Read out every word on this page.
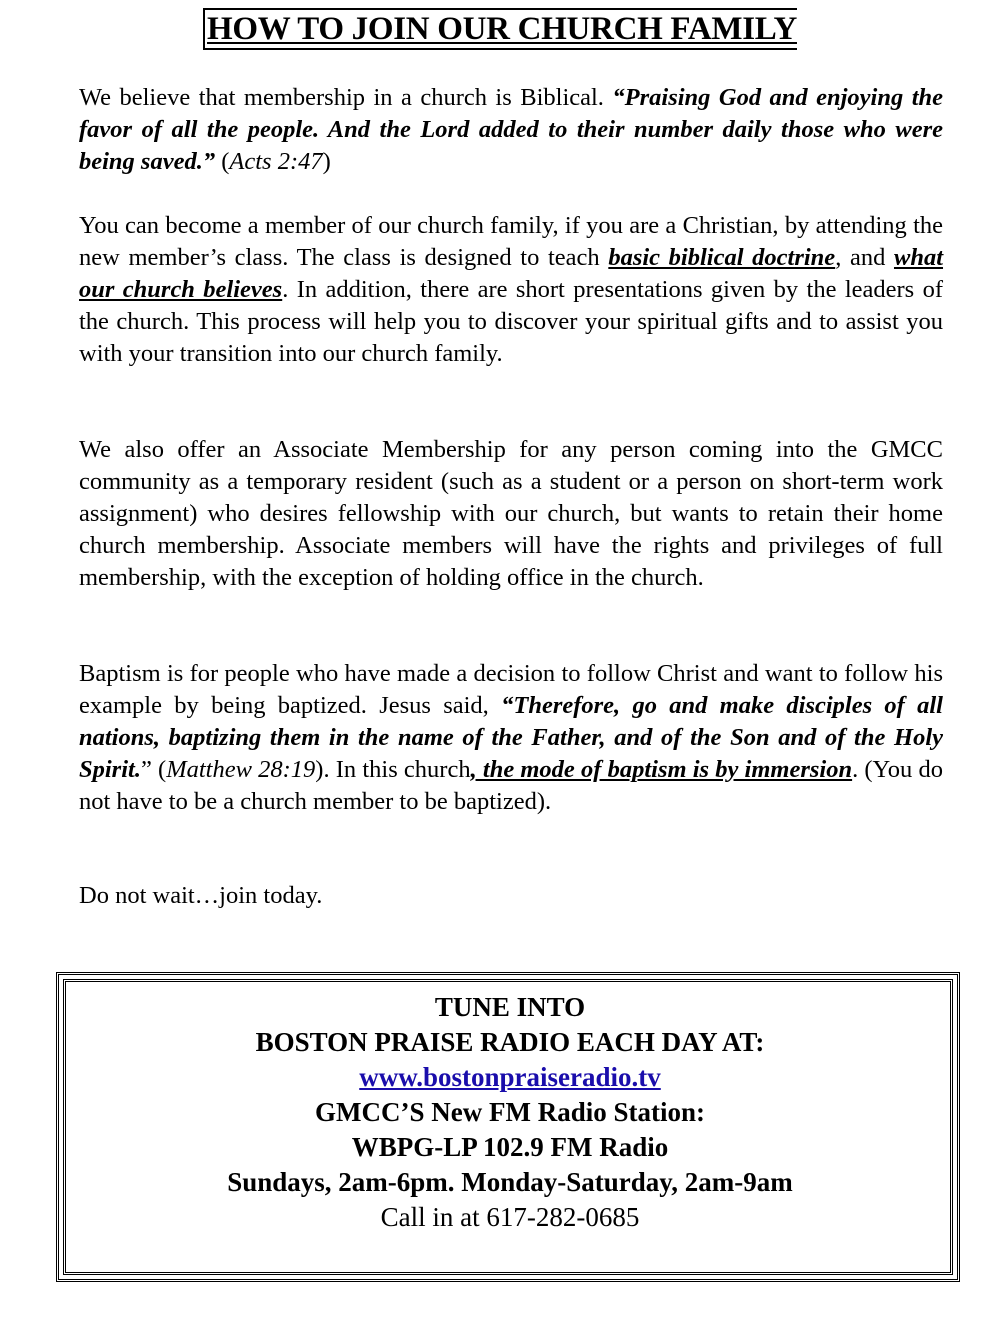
HOW TO JOIN OUR CHURCH FAMILY

We believe that membership in a church is Biblical. “Praising God and enjoying the favor of all the people. And the Lord added to their number daily those who were being saved.” (Acts 2:47)

You can become a member of our church family, if you are a Christian, by attending the new member’s class. The class is designed to teach basic biblical doctrine, and what our church believes. In addition, there are short presentations given by the leaders of the church. This process will help you to discover your spiritual gifts and to assist you with your transition into our church family.

We also offer an Associate Membership for any person coming into the GMCC community as a temporary resident (such as a student or a person on short-term work assignment) who desires fellowship with our church, but wants to retain their home church membership. Associate members will have the rights and privileges of full membership, with the exception of holding office in the church.

Baptism is for people who have made a decision to follow Christ and want to follow his example by being baptized. Jesus said, “Therefore, go and make disciples of all nations, baptizing them in the name of the Father, and of the Son and of the Holy Spirit.” (Matthew 28:19). In this church, the mode of baptism is by immersion. (You do not have to be a church member to be baptized).

Do not wait…join today.

TUNE INTO
BOSTON PRAISE RADIO EACH DAY AT:
www.bostonpraiseradio.tv
GMCC’S New FM Radio Station:
WBPG-LP 102.9 FM Radio
Sundays, 2am-6pm. Monday-Saturday, 2am-9am
Call in at 617-282-0685
